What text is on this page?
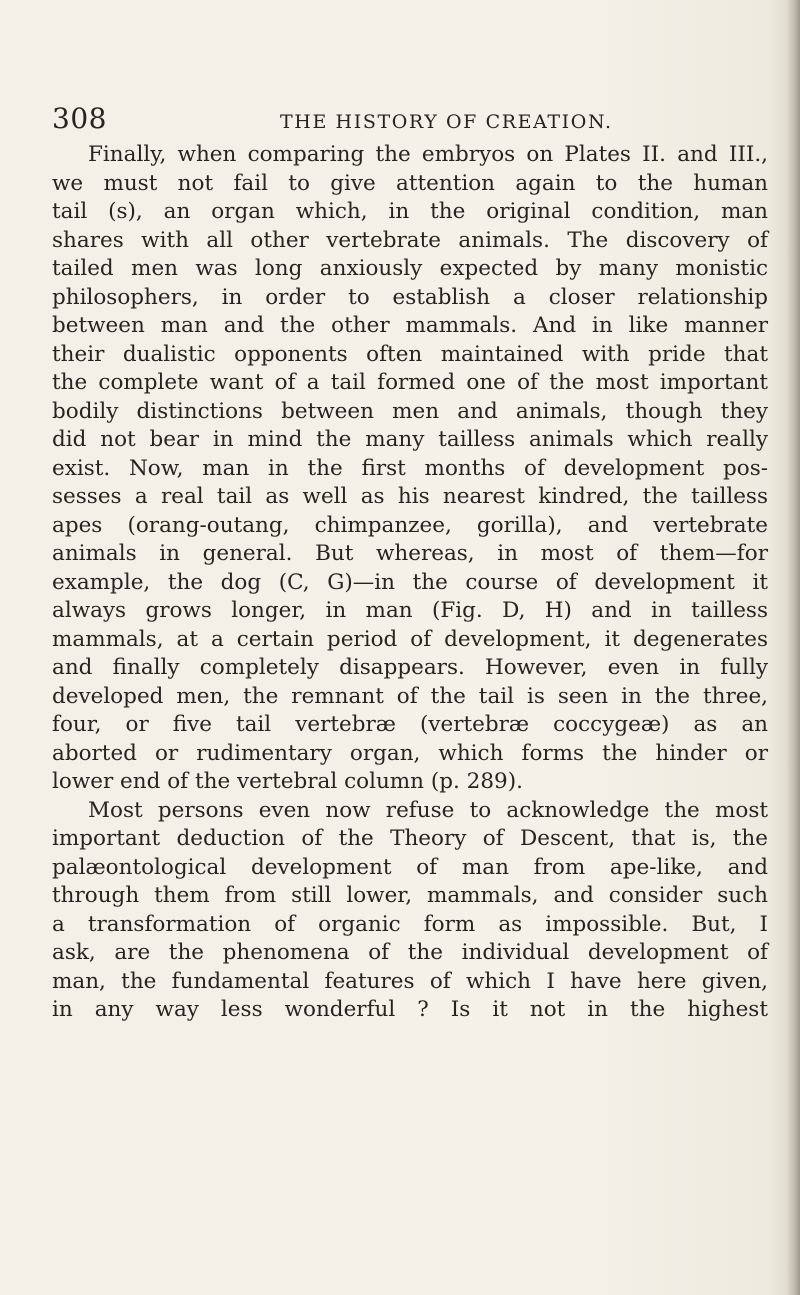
308	THE HISTORY OF CREATION.
Finally, when comparing the embryos on Plates II. and III.,
we must not fail to give attention again to the human
tail (s), an organ which, in the original condition, man
shares with all other vertebrate animals. The discovery of
tailed men was long anxiously expected by many monistic
philosophers, in order to establish a closer relationship
between man and the other mammals. And in like manner
their dualistic opponents often maintained with pride that
the complete want of a tail formed one of the most important
bodily distinctions between men and animals, though they
did not bear in mind the many tailless animals which really
exist. Now, man in the first months of development pos-
sesses a real tail as well as his nearest kindred, the tailless
apes (orang-outang, chimpanzee, gorilla), and vertebrate
animals in general. But whereas, in most of them—for
example, the dog (C, G)—in the course of development it
always grows longer, in man (Fig. D, H) and in tailless
mammals, at a certain period of development, it degenerates
and finally completely disappears. However, even in fully
developed men, the remnant of the tail is seen in the three,
four, or five tail vertebræ (vertebræ coccygeæ) as an
aborted or rudimentary organ, which forms the hinder or
lower end of the vertebral column (p. 289).
Most persons even now refuse to acknowledge the most
important deduction of the Theory of Descent, that is, the
palæontological development of man from ape-like, and
through them from still lower, mammals, and consider such
a transformation of organic form as impossible. But, I
ask, are the phenomena of the individual development of
man, the fundamental features of which I have here given,
in any way less wonderful ? Is it not in the highest
